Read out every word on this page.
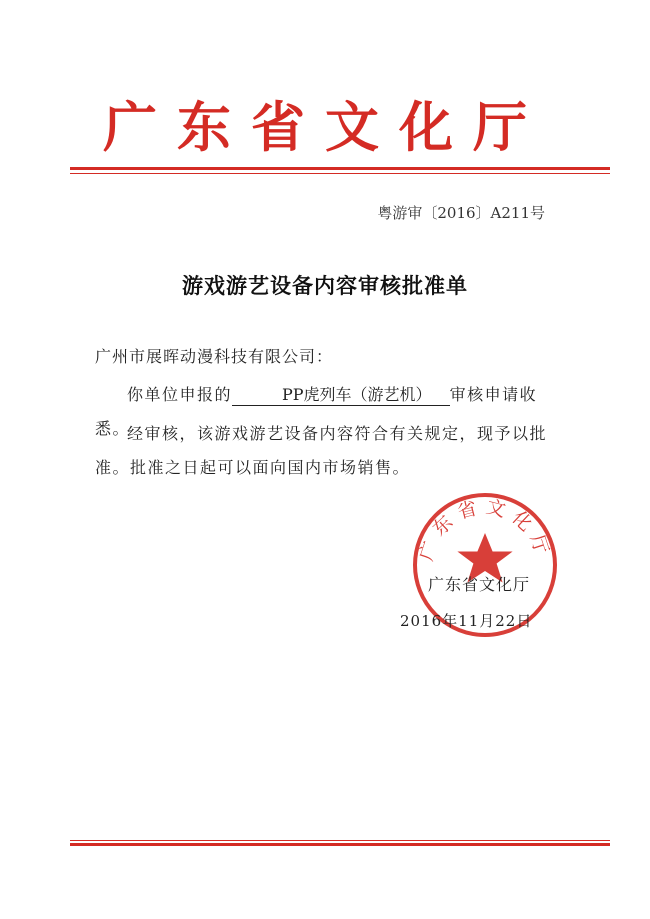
广东省文化厅
粤游审〔2016〕A211号
游戏游艺设备内容审核批准单
广州市展晖动漫科技有限公司：
你单位申报的	PP虎列车（游艺机） 审核申请收悉。
经审核，该游戏游艺设备内容符合有关规定，现予以批准。批准之日起可以面向国内市场销售。
广东省文化厅
广东省文化厅
2016年11月22日
